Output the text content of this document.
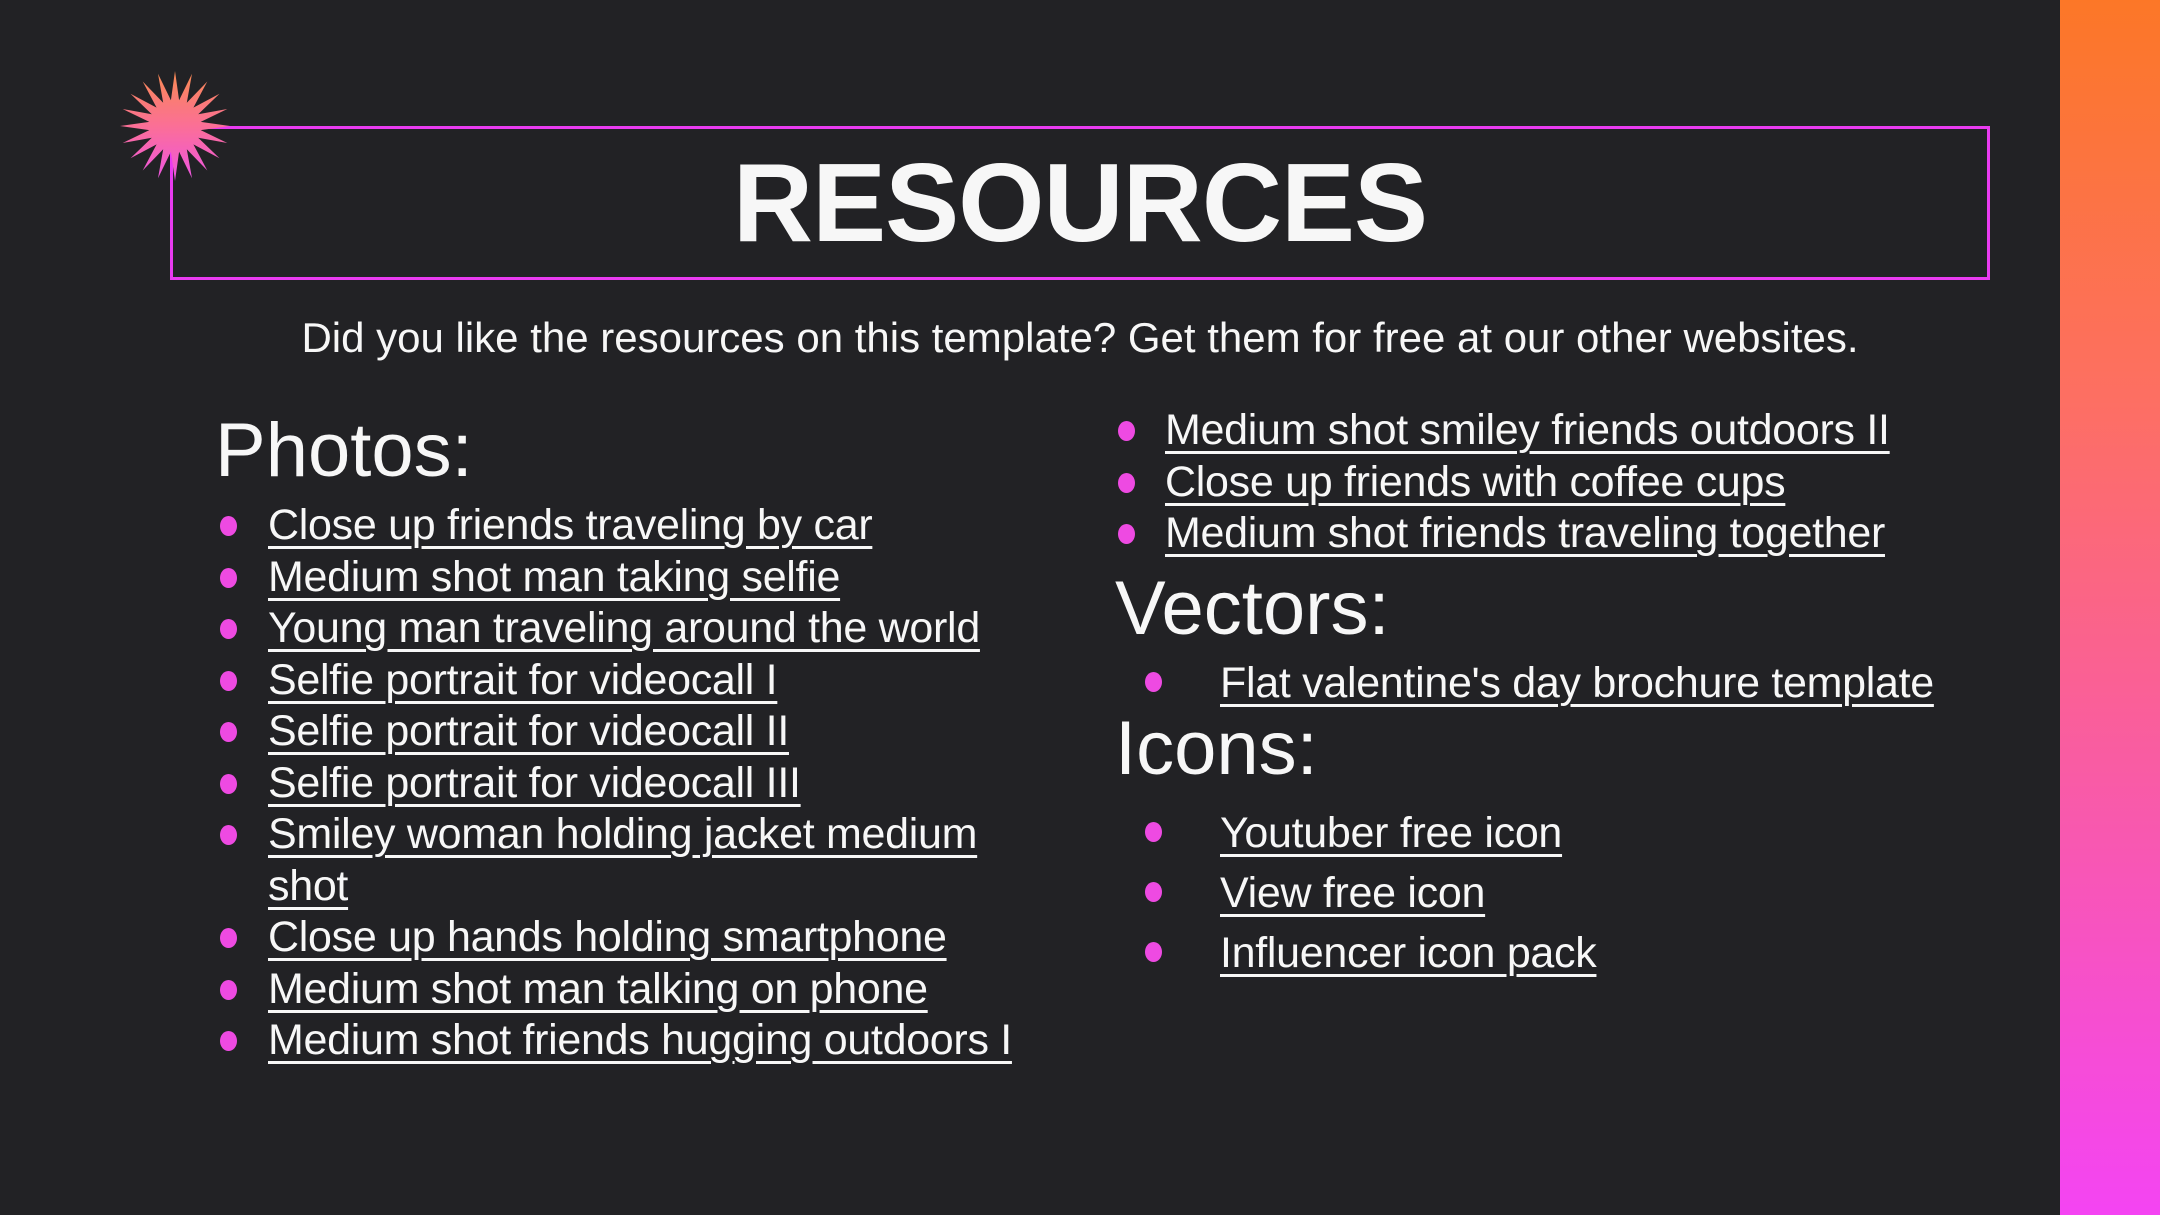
RESOURCES

Did you like the resources on this template? Get them for free at our other websites.

Photos:
Close up friends traveling by car
Medium shot man taking selfie
Young man traveling around the world
Selfie portrait for videocall I
Selfie portrait for videocall II
Selfie portrait for videocall III
Smiley woman holding jacket medium shot
Close up hands holding smartphone
Medium shot man talking on phone
Medium shot friends hugging outdoors I
Medium shot smiley friends outdoors II
Close up friends with coffee cups
Medium shot friends traveling together
Vectors:
Flat valentine's day brochure template
Icons:
Youtuber free icon
View free icon
Influencer icon pack
